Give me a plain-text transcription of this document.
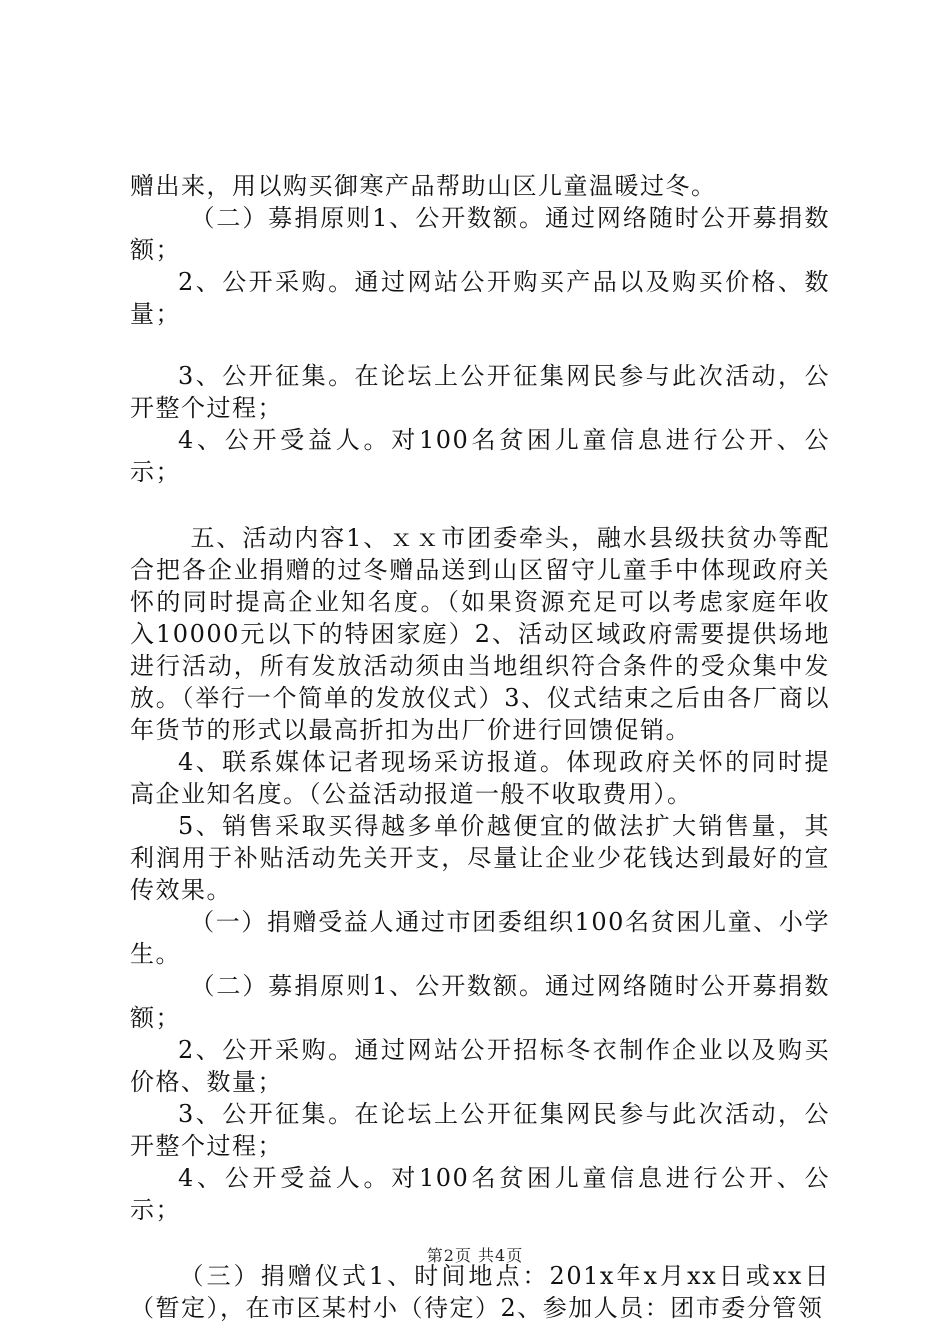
赠出来，用以购买御寒产品帮助山区儿童温暖过冬。

（二）募捐原则1、公开数额。通过网络随时公开募捐数额；

2、公开采购。通过网站公开购买产品以及购买价格、数量；

3、公开征集。在论坛上公开征集网民参与此次活动，公开整个过程；

4、公开受益人。对100名贫困儿童信息进行公开、公示；

五、活动内容1、ｘｘ市团委牵头，融水县级扶贫办等配合把各企业捐赠的过冬赠品送到山区留守儿童手中体现政府关怀的同时提高企业知名度。（如果资源充足可以考虑家庭年收入10000元以下的特困家庭）2、活动区域政府需要提供场地进行活动，所有发放活动须由当地组织符合条件的受众集中发放。（举行一个简单的发放仪式）3、仪式结束之后由各厂商以年货节的形式以最高折扣为出厂价进行回馈促销。

4、联系媒体记者现场采访报道。体现政府关怀的同时提高企业知名度。（公益活动报道一般不收取费用）。

5、销售采取买得越多单价越便宜的做法扩大销售量，其利润用于补贴活动先关开支，尽量让企业少花钱达到最好的宣传效果。

（一）捐赠受益人通过市团委组织100名贫困儿童、小学生。

（二）募捐原则1、公开数额。通过网络随时公开募捐数额；

2、公开采购。通过网站公开招标冬衣制作企业以及购买价格、数量；

3、公开征集。在论坛上公开征集网民参与此次活动，公开整个过程；

4、公开受益人。对100名贫困儿童信息进行公开、公示；

（三）捐赠仪式1、时间地点：201x年x月xx日或xx日（暂定），在市区某村小（待定）2、参加人员：团市委分管领

第2页 共4页
